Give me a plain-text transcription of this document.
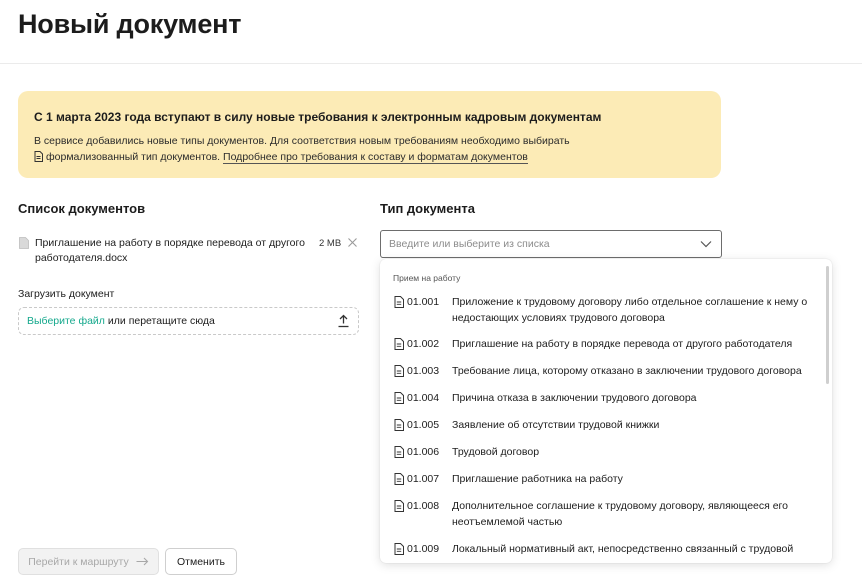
Новый документ
С 1 марта 2023 года вступают в силу новые требования к электронным кадровым документам
В сервисе добавились новые типы документов. Для соответствия новым требованиям необходимо выбирать
формализованный тип документов. Подробнее про требования к составу и форматам документов
Список документов
Приглашение на работу в порядке перевода от другого работодателя.docx
2 MB
Загрузить документ
Выберите файл или перетащите сюда
Тип документа
Введите или выберите из списка
Прием на работу
01.001	Приложение к трудовому договору либо отдельное соглашение к нему о недостающих условиях трудового договора
01.002	Приглашение на работу в порядке перевода от другого работодателя
01.003	Требование лица, которому отказано в заключении трудового договора
01.004	Причина отказа в заключении трудового договора
01.005	Заявление об отсутствии трудовой книжки
01.006	Трудовой договор
01.007	Приглашение работника на работу
01.008	Дополнительное соглашение к трудовому договору, являющееся его неотъемлемой частью
01.009	Локальный нормативный акт, непосредственно связанный с трудовой
Перейти к маршруту	Отменить
